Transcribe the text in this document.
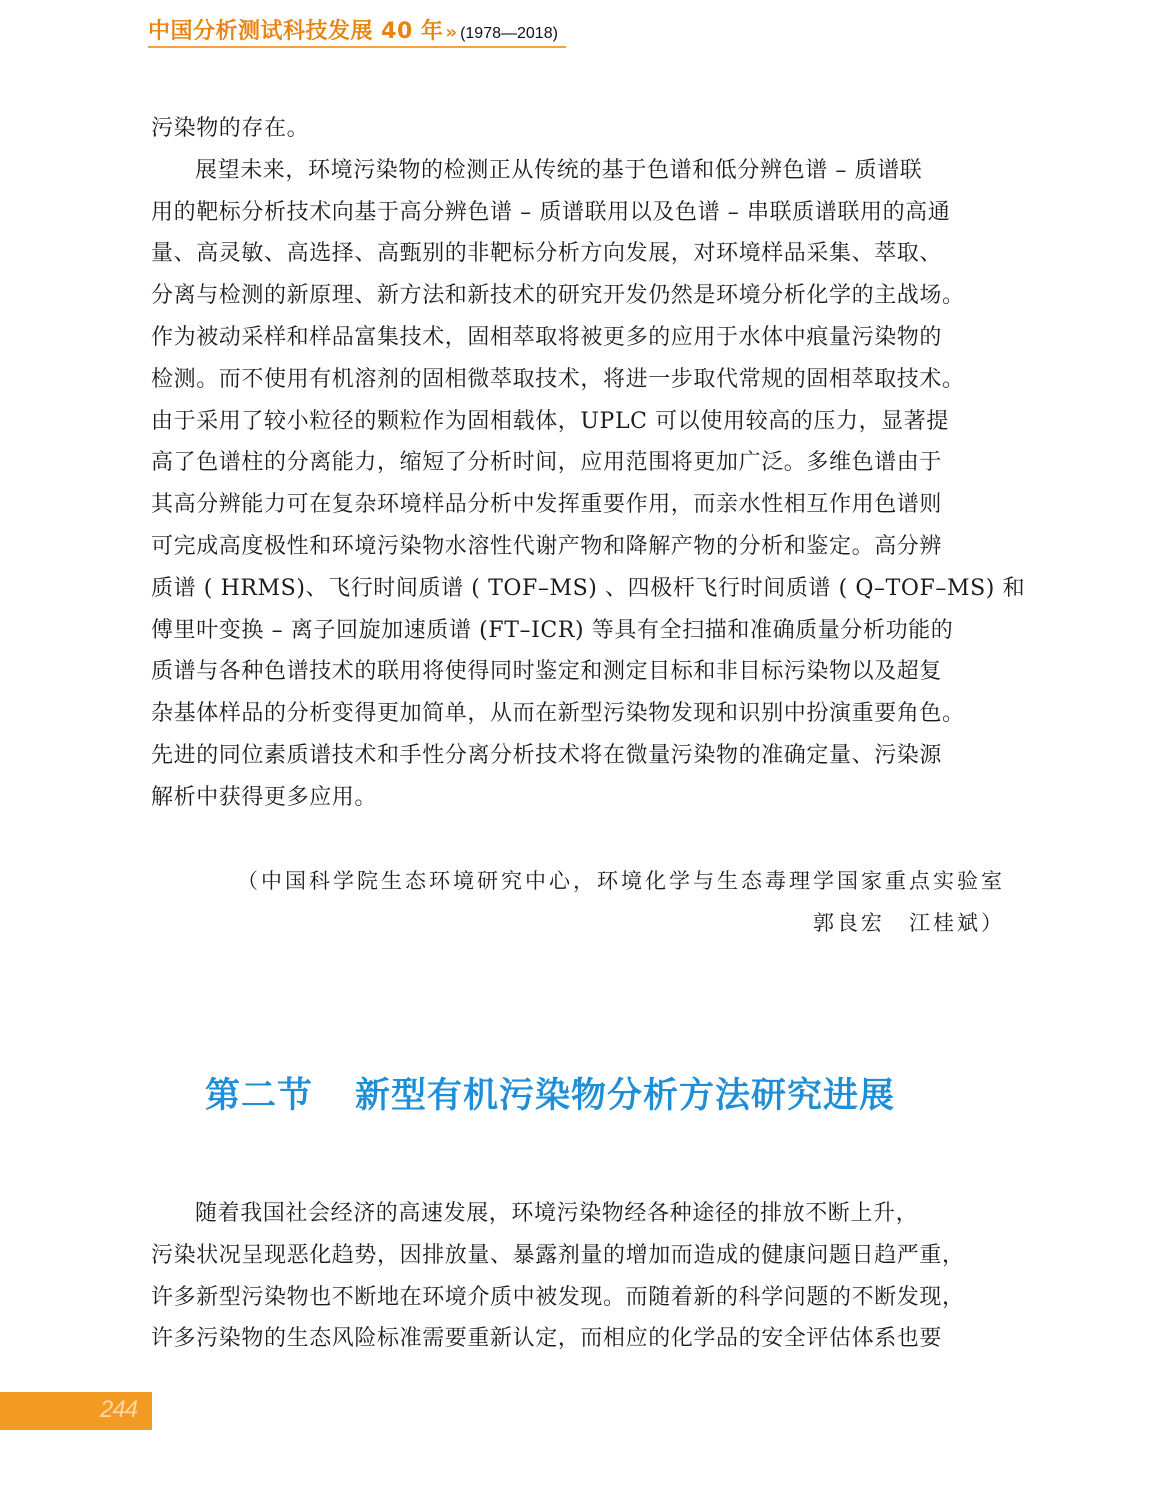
中国分析测试科技发展 40 年 » (1978—2018)

污染物的存在。

展望未来，环境污染物的检测正从传统的基于色谱和低分辨色谱 – 质谱联
用的靶标分析技术向基于高分辨色谱 – 质谱联用以及色谱 – 串联质谱联用的高通
量、高灵敏、高选择、高甄别的非靶标分析方向发展，对环境样品采集、萃取、
分离与检测的新原理、新方法和新技术的研究开发仍然是环境分析化学的主战场。
作为被动采样和样品富集技术，固相萃取将被更多的应用于水体中痕量污染物的
检测。而不使用有机溶剂的固相微萃取技术，将进一步取代常规的固相萃取技术。
由于采用了较小粒径的颗粒作为固相载体，UPLC 可以使用较高的压力，显著提
高了色谱柱的分离能力，缩短了分析时间，应用范围将更加广泛。多维色谱由于
其高分辨能力可在复杂环境样品分析中发挥重要作用，而亲水性相互作用色谱则
可完成高度极性和环境污染物水溶性代谢产物和降解产物的分析和鉴定。高分辨
质谱 ( HRMS)、飞行时间质谱 ( TOF–MS) 、四极杆飞行时间质谱 ( Q–TOF–MS) 和
傅里叶变换 – 离子回旋加速质谱 (FT–ICR) 等具有全扫描和准确质量分析功能的
质谱与各种色谱技术的联用将使得同时鉴定和测定目标和非目标污染物以及超复
杂基体样品的分析变得更加简单，从而在新型污染物发现和识别中扮演重要角色。
先进的同位素质谱技术和手性分离分析技术将在微量污染物的准确定量、污染源
解析中获得更多应用。

（中国科学院生态环境研究中心，环境化学与生态毒理学国家重点实验室
郭良宏　江桂斌）
第二节 新型有机污染物分析方法研究进展
随着我国社会经济的高速发展，环境污染物经各种途径的排放不断上升，
污染状况呈现恶化趋势，因排放量、暴露剂量的增加而造成的健康问题日趋严重，
许多新型污染物也不断地在环境介质中被发现。而随着新的科学问题的不断发现，
许多污染物的生态风险标准需要重新认定，而相应的化学品的安全评估体系也要
244
